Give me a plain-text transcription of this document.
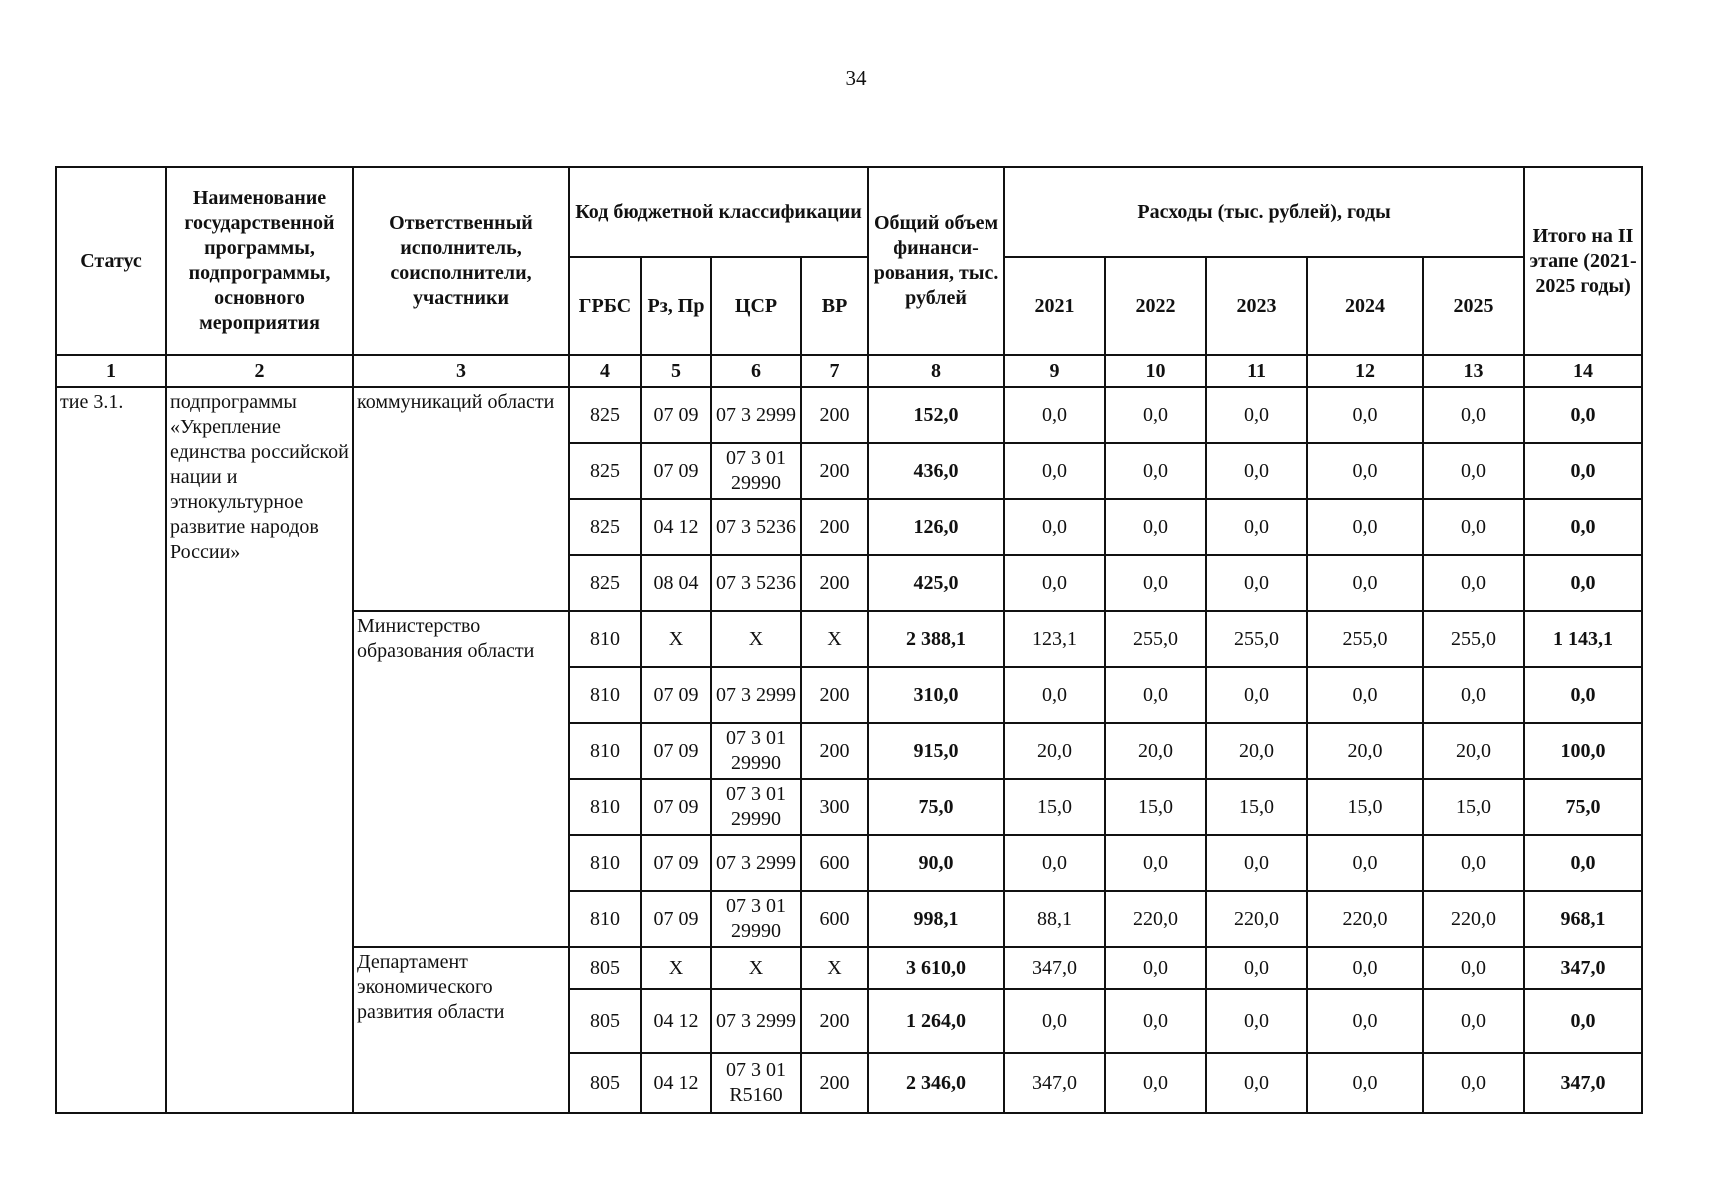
34
Статус	Наименование государственной программы, подпрограммы, основного мероприятия	Ответственный исполнитель, соисполнители, участники	Код бюджетной классификации				Общий объем финанси-рования, тыс. рублей	Расходы (тыс. рублей), годы					Итого на II этапе (2021-2025 годы)
			ГРБС	Рз, Пр	ЦСР	ВР		2021	2022	2023	2024	2025	
1	2	3	4	5	6	7	8	9	10	11	12	13	14
тие 3.1.	подпрограммы «Укрепление единства российской нации и этнокультурное развитие народов России»	коммуникаций области	825	07 09	07 3 2999	200	152,0	0,0	0,0	0,0	0,0	0,0	0,0
			825	07 09	07 3 01 29990	200	436,0	0,0	0,0	0,0	0,0	0,0	0,0
			825	04 12	07 3 5236	200	126,0	0,0	0,0	0,0	0,0	0,0	0,0
			825	08 04	07 3 5236	200	425,0	0,0	0,0	0,0	0,0	0,0	0,0
		Министерство образования области	810	Х	Х	Х	2 388,1	123,1	255,0	255,0	255,0	255,0	1 143,1
			810	07 09	07 3 2999	200	310,0	0,0	0,0	0,0	0,0	0,0	0,0
			810	07 09	07 3 01 29990	200	915,0	20,0	20,0	20,0	20,0	20,0	100,0
			810	07 09	07 3 01 29990	300	75,0	15,0	15,0	15,0	15,0	15,0	75,0
			810	07 09	07 3 2999	600	90,0	0,0	0,0	0,0	0,0	0,0	0,0
			810	07 09	07 3 01 29990	600	998,1	88,1	220,0	220,0	220,0	220,0	968,1
		Департамент экономического развития области	805	Х	Х	Х	3 610,0	347,0	0,0	0,0	0,0	0,0	347,0
			805	04 12	07 3 2999	200	1 264,0	0,0	0,0	0,0	0,0	0,0	0,0
			805	04 12	07 3 01 R5160	200	2 346,0	347,0	0,0	0,0	0,0	0,0	347,0
